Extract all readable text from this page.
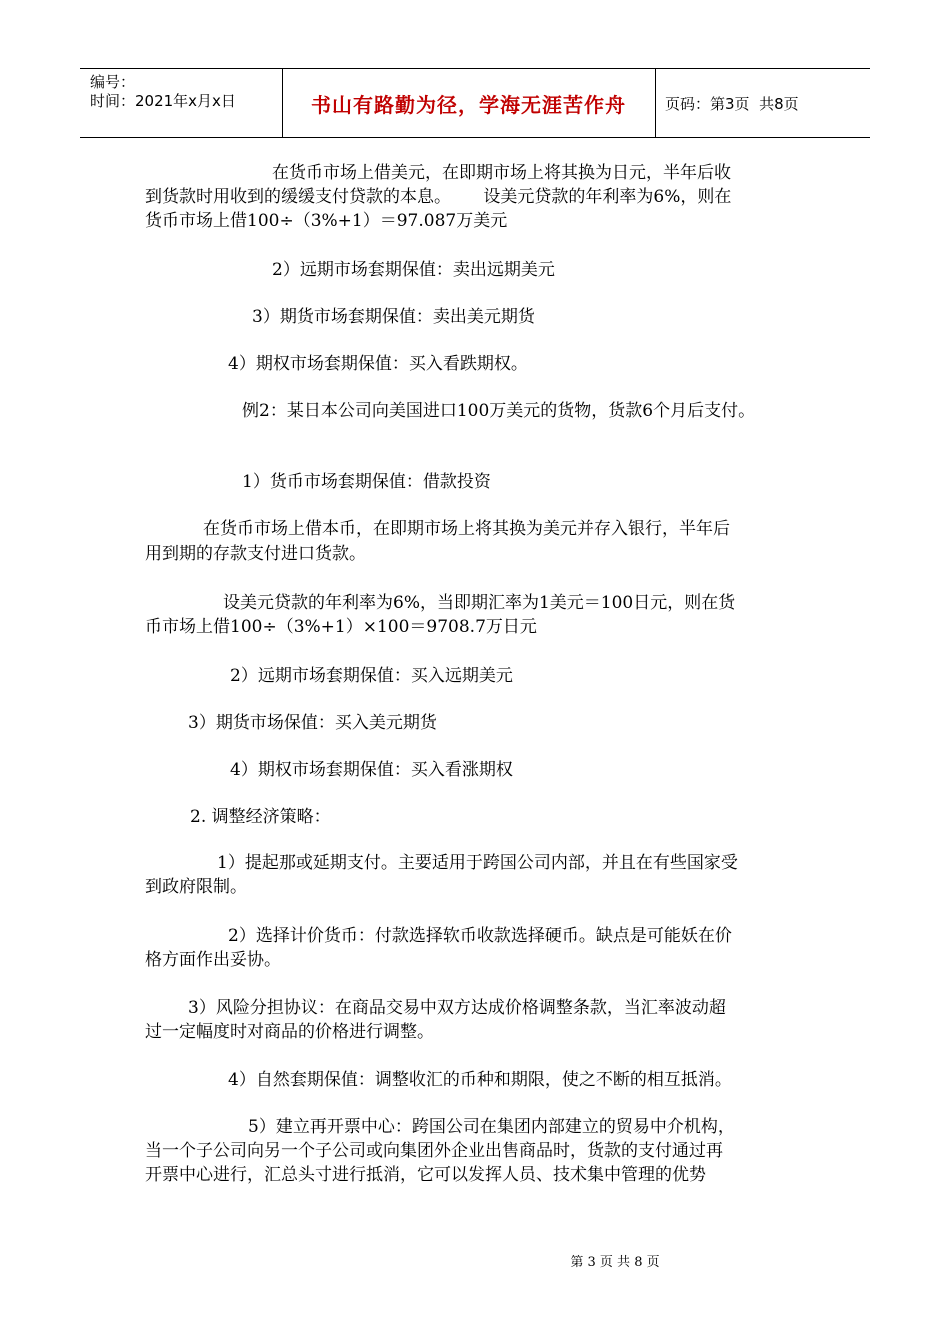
编号：
时间：2021年x月x日	书山有路勤为径，学海无涯苦作舟	页码：第3页  共8页
在货币市场上借美元，在即期市场上将其换为日元，半年后收
到货款时用收到的缓缓支付贷款的本息。      设美元贷款的年利率为6%，则在
货币市场上借100÷（3%+1）＝97.087万美元
2）远期市场套期保值：卖出远期美元
3）期货市场套期保值：卖出美元期货
4）期权市场套期保值：买入看跌期权。
例2：某日本公司向美国进口100万美元的货物，货款6个月后支付。
1）货币市场套期保值：借款投资
在货币市场上借本币，在即期市场上将其换为美元并存入银行，半年后
用到期的存款支付进口货款。
设美元贷款的年利率为6%，当即期汇率为1美元＝100日元，则在货
币市场上借100÷（3%+1）×100＝9708.7万日元
2）远期市场套期保值：买入远期美元
3）期货市场保值：买入美元期货
4）期权市场套期保值：买入看涨期权
2. 调整经济策略：
1）提起那或延期支付。主要适用于跨国公司内部，并且在有些国家受
到政府限制。
2）选择计价货币：付款选择软币收款选择硬币。缺点是可能妖在价
格方面作出妥协。
3）风险分担协议：在商品交易中双方达成价格调整条款，当汇率波动超
过一定幅度时对商品的价格进行调整。
4）自然套期保值：调整收汇的币种和期限，使之不断的相互抵消。
5）建立再开票中心：跨国公司在集团内部建立的贸易中介机构，
当一个子公司向另一个子公司或向集团外企业出售商品时，货款的支付通过再
开票中心进行，汇总头寸进行抵消，它可以发挥人员、技术集中管理的优势
第 3 页 共 8 页
